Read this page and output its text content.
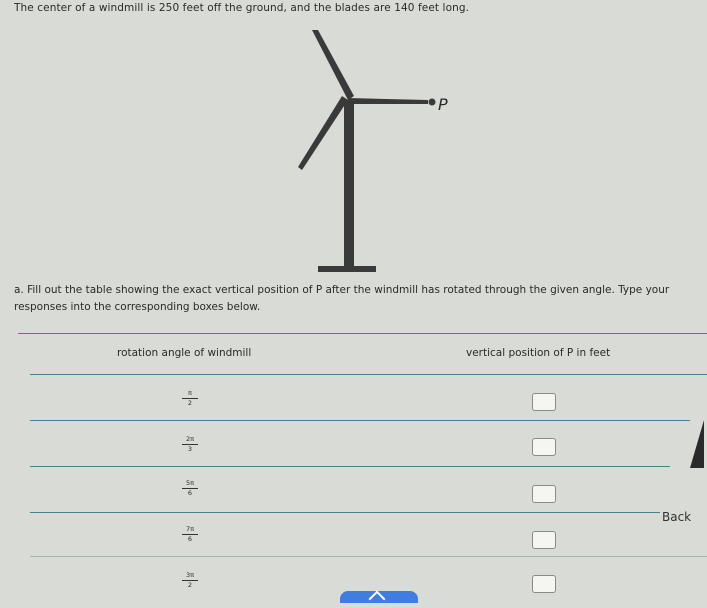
The center of a windmill is 250 feet off the ground, and the blades are 140 feet long.
P
a. Fill out the table showing the exact vertical position of P after the windmill has rotated through the given angle. Type your responses into the corresponding boxes below.
rotation angle of windmill	vertical position of P in feet
$\frac{\pi}{2}$
$\frac{2\pi}{3}$
$\frac{5\pi}{6}$
$\frac{7\pi}{6}$
$\frac{3\pi}{2}$
Back
